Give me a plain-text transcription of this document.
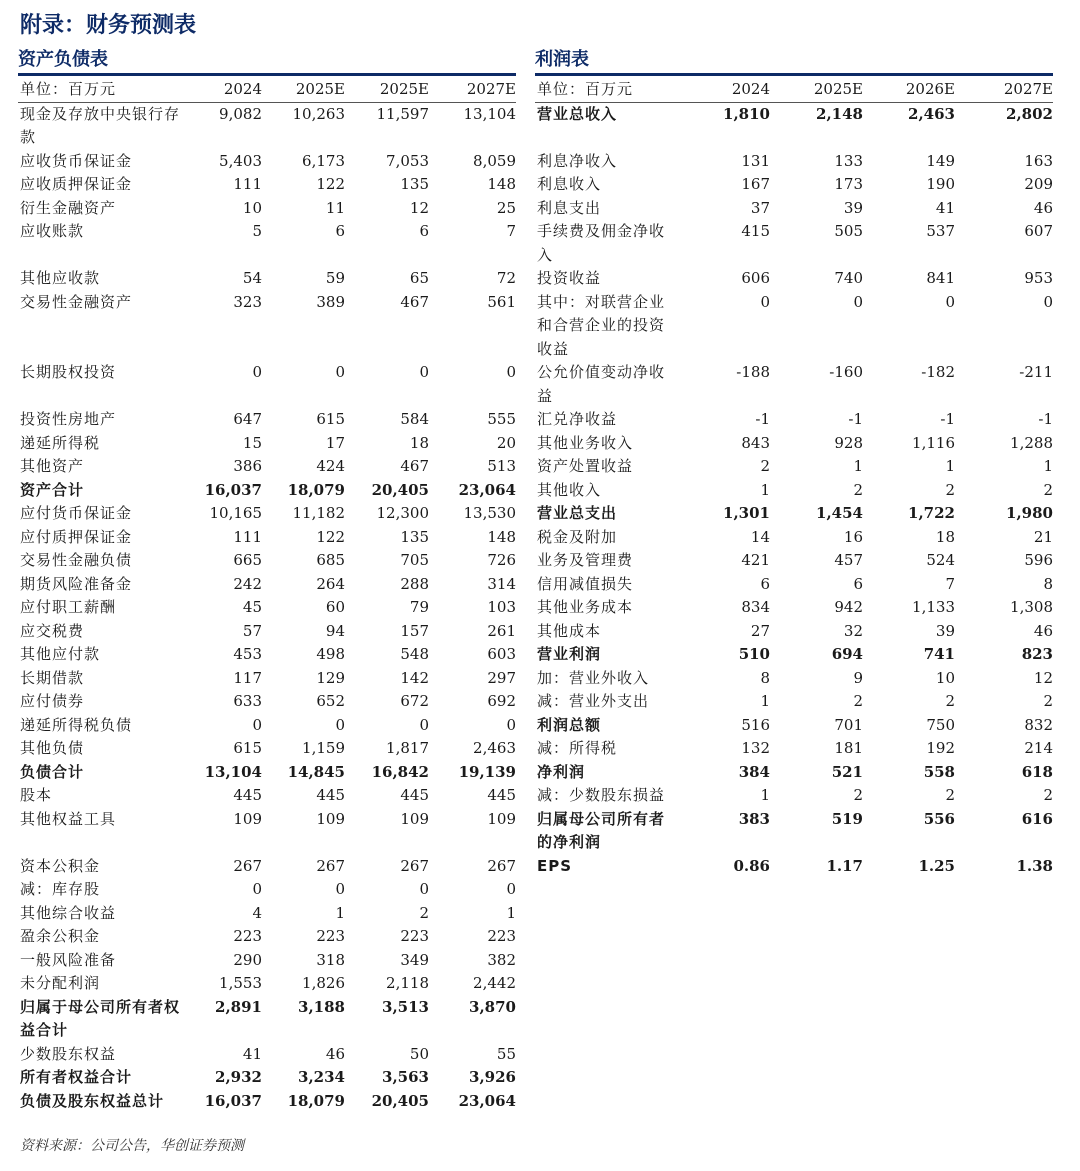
附录：财务预测表
资产负债表
单位：百万元	2024	2025E	2025E	2027E
现金及存放中央银行存款	9,082	10,263	11,597	13,104
应收货币保证金	5,403	6,173	7,053	8,059
应收质押保证金	111	122	135	148
衍生金融资产	10	11	12	25
应收账款	5	6	6	7
其他应收款	54	59	65	72
交易性金融资产	323	389	467	561
长期股权投资	0	0	0	0
投资性房地产	647	615	584	555
递延所得税	15	17	18	20
其他资产	386	424	467	513
资产合计	16,037	18,079	20,405	23,064
应付货币保证金	10,165	11,182	12,300	13,530
应付质押保证金	111	122	135	148
交易性金融负债	665	685	705	726
期货风险准备金	242	264	288	314
应付职工薪酬	45	60	79	103
应交税费	57	94	157	261
其他应付款	453	498	548	603
长期借款	117	129	142	297
应付债券	633	652	672	692
递延所得税负债	0	0	0	0
其他负债	615	1,159	1,817	2,463
负债合计	13,104	14,845	16,842	19,139
股本	445	445	445	445
其他权益工具	109	109	109	109
资本公积金	267	267	267	267
减：库存股	0	0	0	0
其他综合收益	4	1	2	1
盈余公积金	223	223	223	223
一般风险准备	290	318	349	382
未分配利润	1,553	1,826	2,118	2,442
归属于母公司所有者权益合计	2,891	3,188	3,513	3,870
少数股东权益	41	46	50	55
所有者权益合计	2,932	3,234	3,563	3,926
负债及股东权益总计	16,037	18,079	20,405	23,064
利润表
单位：百万元	2024	2025E	2026E	2027E
营业总收入	1,810	2,148	2,463	2,802
利息净收入	131	133	149	163
利息收入	167	173	190	209
利息支出	37	39	41	46
手续费及佣金净收入	415	505	537	607
投资收益	606	740	841	953
其中：对联营企业和合营企业的投资收益	0	0	0	0
公允价值变动净收益	-188	-160	-182	-211
汇兑净收益	-1	-1	-1	-1
其他业务收入	843	928	1,116	1,288
资产处置收益	2	1	1	1
其他收入	1	2	2	2
营业总支出	1,301	1,454	1,722	1,980
税金及附加	14	16	18	21
业务及管理费	421	457	524	596
信用减值损失	6	6	7	8
其他业务成本	834	942	1,133	1,308
其他成本	27	32	39	46
营业利润	510	694	741	823
加：营业外收入	8	9	10	12
减：营业外支出	1	2	2	2
利润总额	516	701	750	832
减：所得税	132	181	192	214
净利润	384	521	558	618
减：少数股东损益	1	2	2	2
归属母公司所有者的净利润	383	519	556	616
EPS	0.86	1.17	1.25	1.38

资料来源：公司公告，华创证券预测
